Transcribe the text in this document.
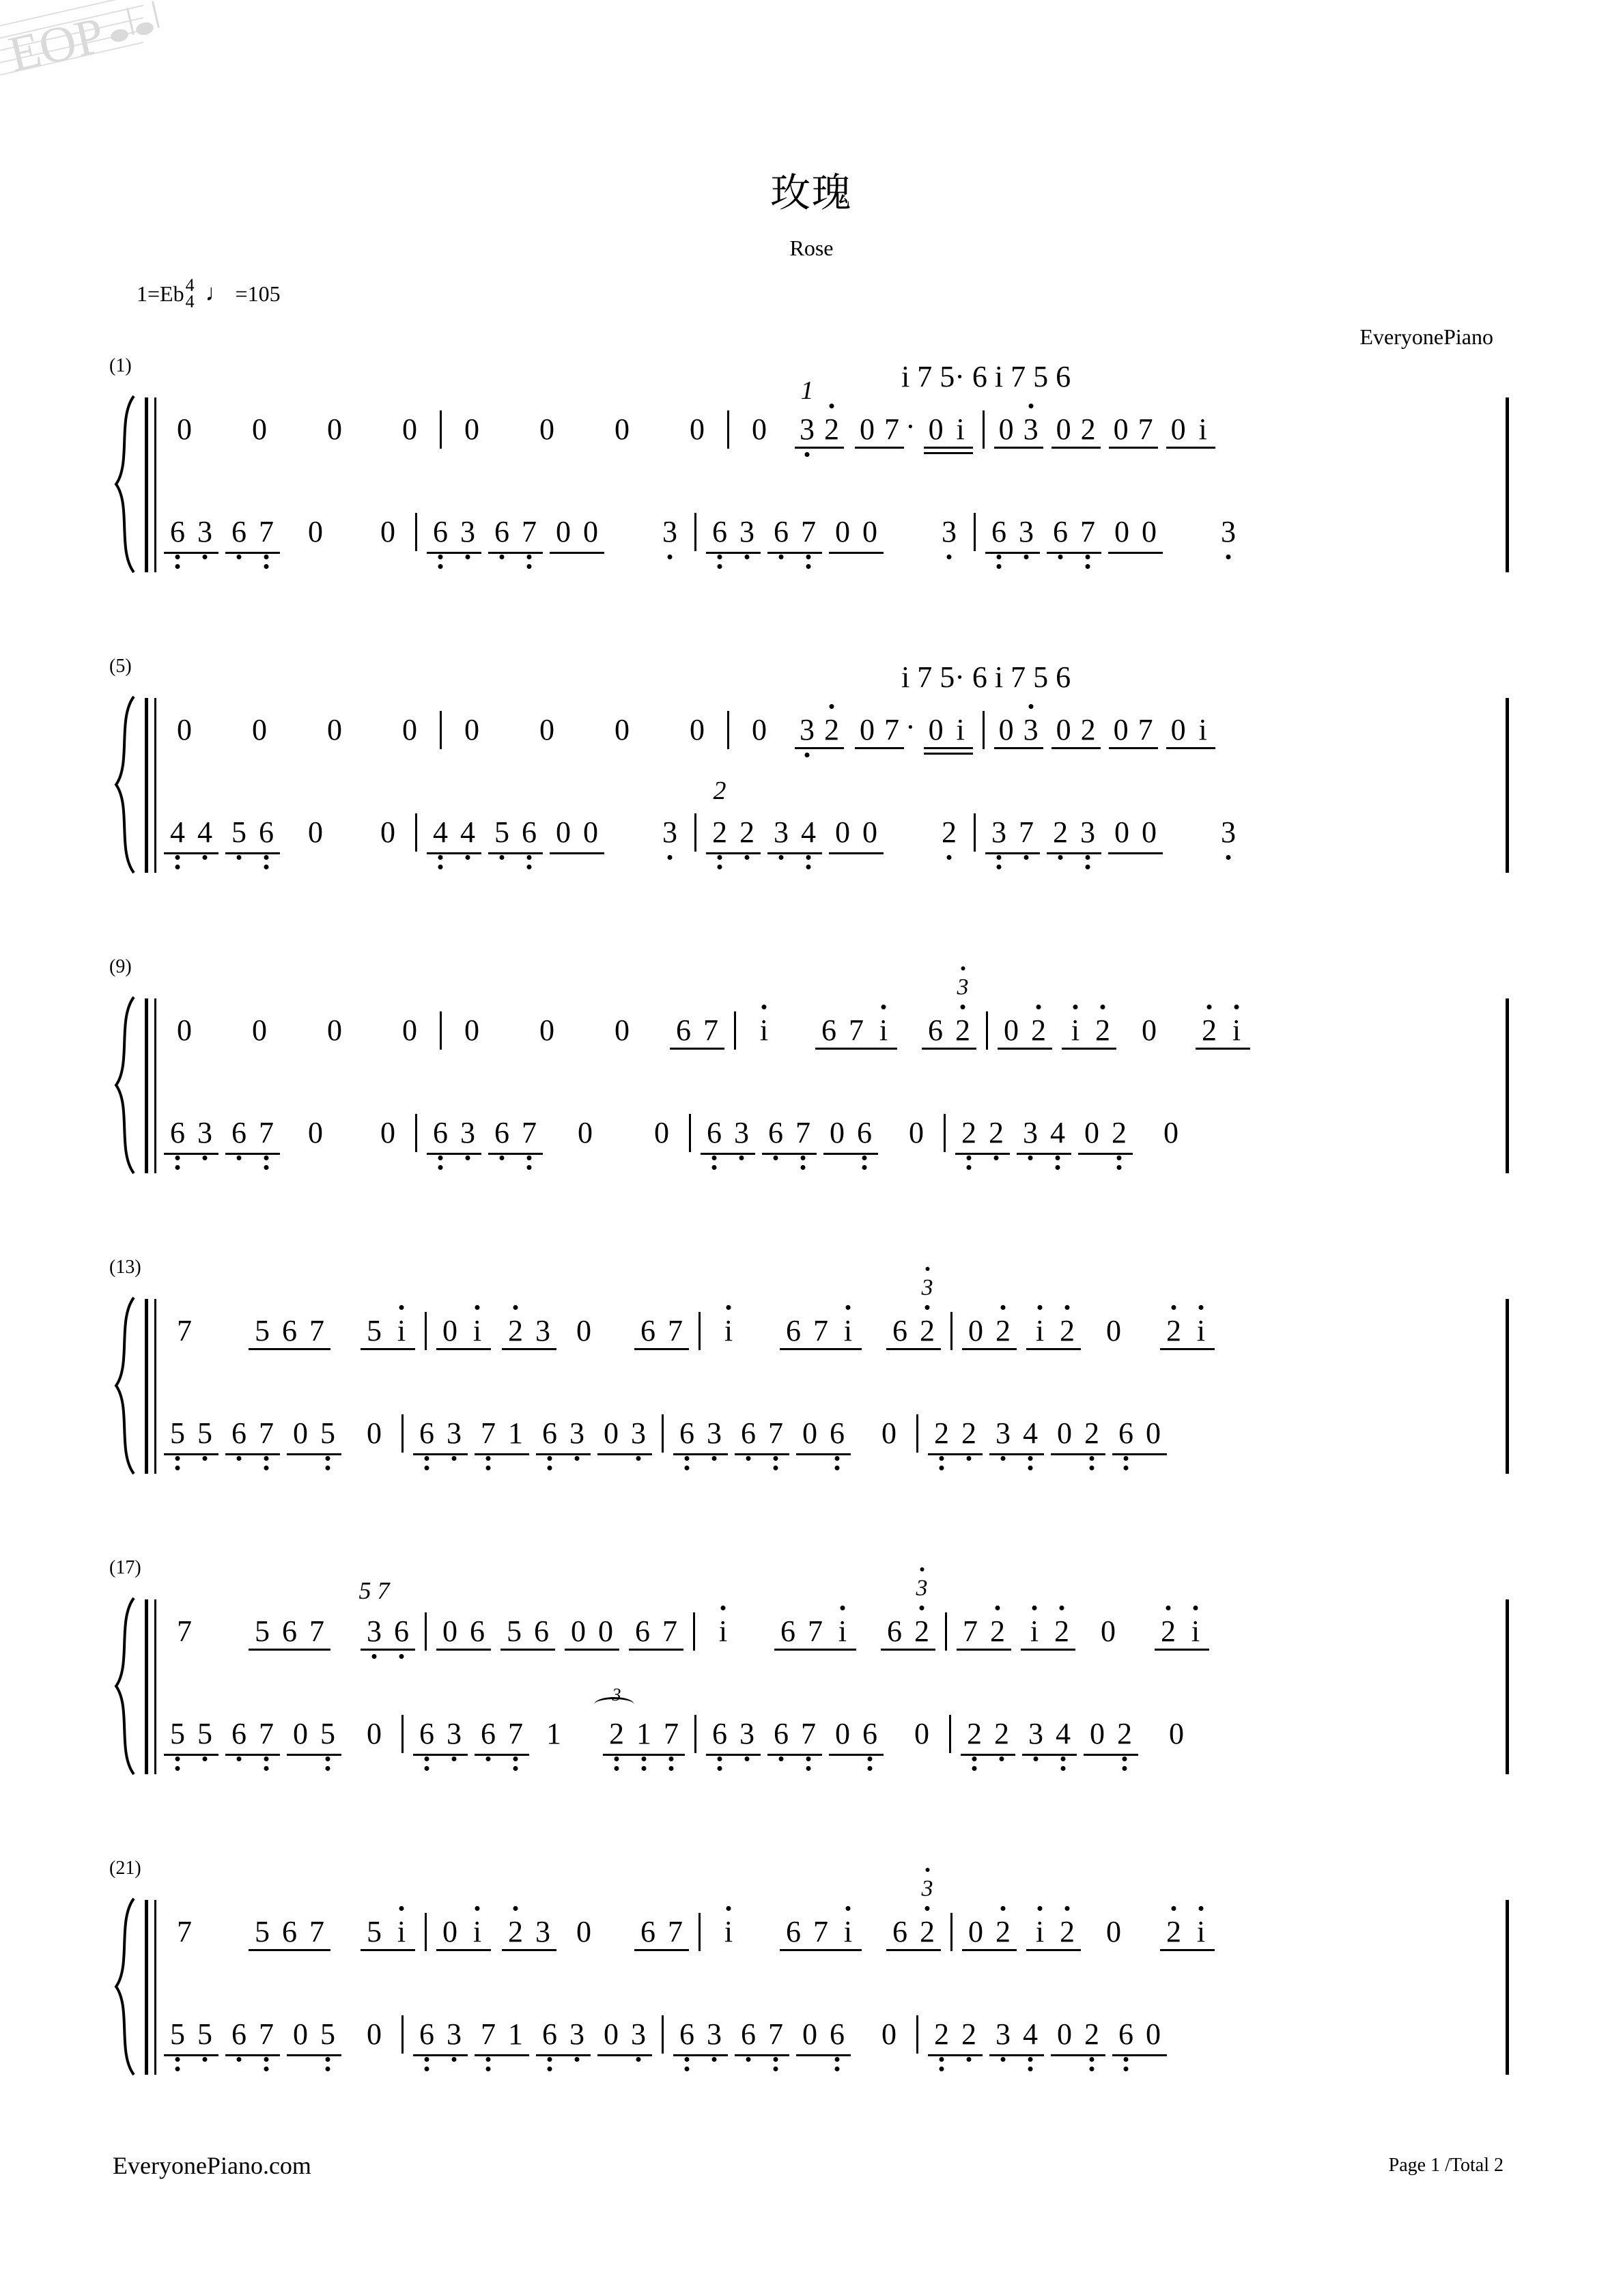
EOP
玫瑰
Rose
1=Eb 4
4 ♩ =105
EveryonePiano
(1)
0	0	0	0	0	0	0	0	0	3
1
2 0 7 · 0 i 0 3 0 2 0 7 0 i
6 3 6 7	0	0	6 3 6 7 0 0 3 6 3 6 7 0 0 3 6 3 6 7 0 0 3
i 7 5· 6 i 7 5 6
(5)
0	0	0	0	0	0	0	0	0	3 2 0 7 · 0 i 0 3 0 2 0 7 0 i
4 4 5 6	0	0	4 4 5 6 0 0 3 2
2
2 3 4 0 0 2 3 7 2 3 0 0 3
i 7 5· 6 i 7 5 6
(9)
0	0	0	0	0	0	0	6 7	i	6 7 i	6 2
3
0 2 i 2 0 2 i
6 3 6 7	0	0	6 3 6 7	0	0	6 3 6 7 0 6	0	2 2 3 4 0 2	0
(13)
7	5 6 7 5 i	0 i 2 3 0 6 7	i	6 7 i	6 2
3
0 2 i 2 0 2 i
5 5 6 7 0 5	0	6 3 7 1 6 3 0 3 6 3 6 7 0 6	0	2 2 3 4 0 2 6 0
(17)
7	5 6 7 3
5 7
6 0 6 5 6 0 0 6 7	i	6 7 i	6 2
3
7 2 i 2 0 2 i
5 5 6 7 0 5	0	6 3 6 7 1 2
3
1 7 6 3 6 7 0 6	0	2 2 3 4 0 2	0
(21)
7	5 6 7 5 i	0 i 2 3 0 6 7	i	6 7 i	6 2
3
0 2 i 2 0 2 i
5 5 6 7 0 5	0	6 3 7 1 6 3 0 3 6 3 6 7 0 6	0	2 2 3 4 0 2 6 0
EveryonePiano.com	Page 1 /Total 2
